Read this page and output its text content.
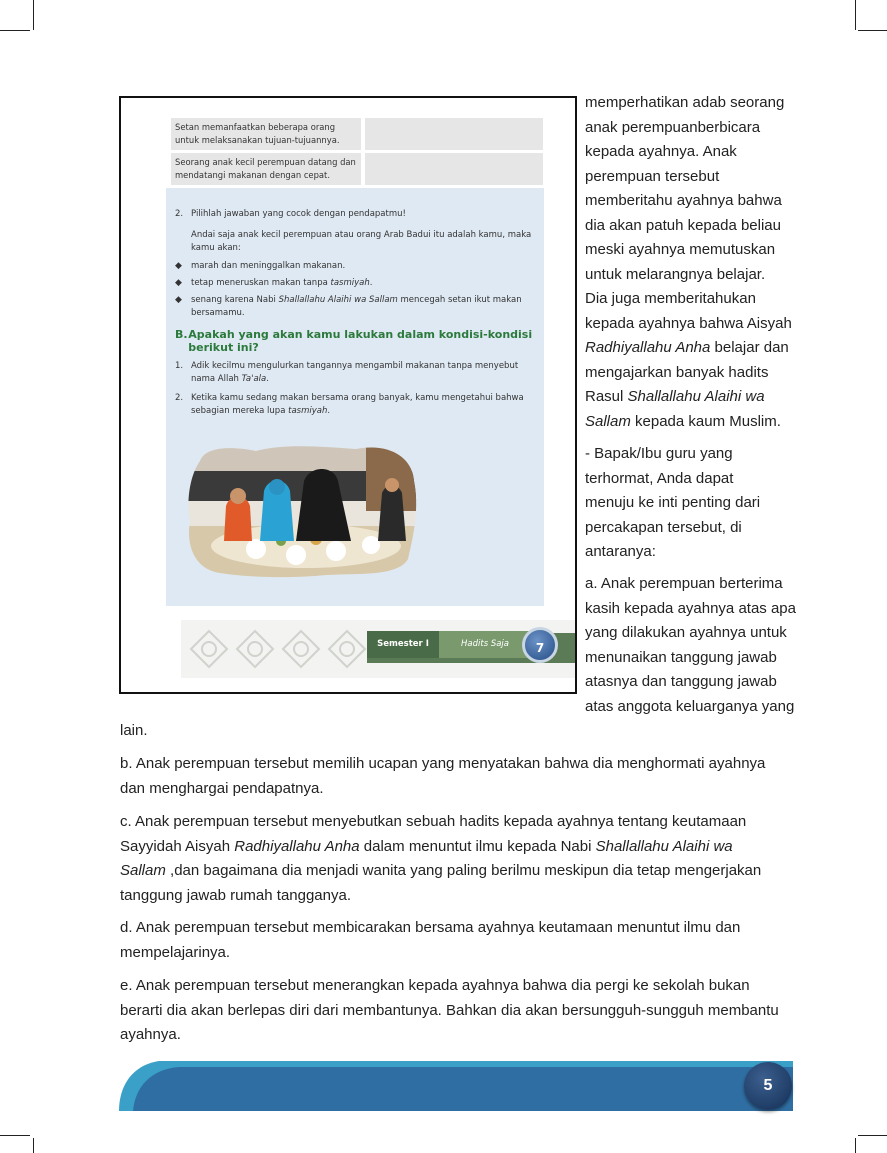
Setan memanfaatkan beberapa orang untuk melaksanakan tujuan-tujuannya.
Seorang anak kecil perempuan datang dan mendatangi makanan dengan cepat.
2. Pilihlah jawaban yang cocok dengan pendapatmu!
Andai saja anak kecil perempuan atau orang Arab Badui itu adalah kamu, maka kamu akan:
◆	marah dan meninggalkan makanan.
◆	tetap meneruskan makan tanpa tasmiyah.
◆	senang karena Nabi Shallallahu Alaihi wa Sallam mencegah setan ikut makan bersamamu.
B. Apakah yang akan kamu lakukan dalam kondisi-kondisi berikut ini?
1. Adik kecilmu mengulurkan tangannya mengambil makanan tanpa menyebut nama Allah Ta'ala.
2. Ketika kamu sedang makan bersama orang banyak, kamu mengetahui bahwa sebagian mereka lupa tasmiyah.
Semester I	Hadits Saja	7
memperhatikan adab seorang
anak perempuanberbicara
kepada ayahnya. Anak
perempuan tersebut
memberitahu ayahnya bahwa
dia akan patuh kepada beliau
meski ayahnya memutuskan
untuk melarangnya belajar.
Dia juga memberitahukan
kepada ayahnya bahwa Aisyah
Radhiyallahu Anha belajar dan
mengajarkan banyak hadits
Rasul Shallallahu Alaihi wa
Sallam kepada kaum Muslim.
- Bapak/Ibu guru yang
terhormat, Anda dapat
menuju ke inti penting dari
percakapan tersebut, di
antaranya:
a. Anak perempuan berterima
kasih kepada ayahnya atas apa
yang dilakukan ayahnya untuk
menunaikan tanggung jawab
atasnya dan tanggung jawab
atas anggota keluarganya yang
lain.
b. Anak perempuan tersebut memilih ucapan yang menyatakan bahwa dia menghormati ayahnya
dan menghargai pendapatnya.
c. Anak perempuan tersebut menyebutkan sebuah hadits kepada ayahnya tentang keutamaan
Sayyidah Aisyah Radhiyallahu Anha dalam menuntut ilmu kepada Nabi Shallallahu Alaihi wa
Sallam ,dan bagaimana dia menjadi wanita yang paling berilmu meskipun dia tetap mengerjakan
tanggung jawab rumah tangganya.
d. Anak perempuan tersebut membicarakan bersama ayahnya keutamaan menuntut ilmu dan
mempelajarinya.
e. Anak perempuan tersebut menerangkan kepada ayahnya bahwa dia pergi ke sekolah bukan
berarti dia akan berlepas diri dari membantunya. Bahkan dia akan bersungguh-sungguh membantu
ayahnya.
5
